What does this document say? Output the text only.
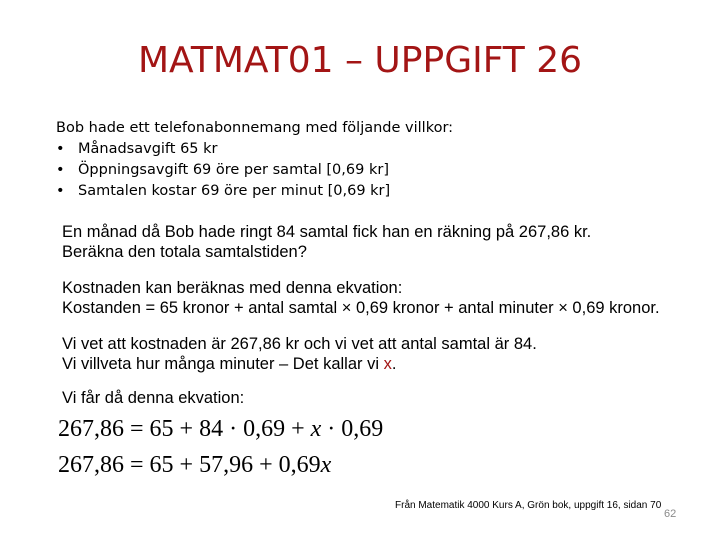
MATMAT01 – UPPGIFT 26
Bob hade ett telefonabonnemang med följande villkor:
• Månadsavgift 65 kr
• Öppningsavgift 69 öre per samtal [0,69 kr]
• Samtalen kostar 69 öre per minut [0,69 kr]
En månad då Bob hade ringt 84 samtal fick han en räkning på 267,86 kr.
Beräkna den totala samtalstiden?
Kostnaden kan beräknas med denna ekvation:
Kostanden = 65 kronor + antal samtal × 0,69 kronor + antal minuter × 0,69 kronor.
Vi vet att kostnaden är 267,86 kr och vi vet att antal samtal är 84.
Vi villveta hur många minuter – Det kallar vi x.
Vi får då denna ekvation:
267,86 = 65 + 84 · 0,69 + x · 0,69
267,86 = 65 + 57,96 + 0,69x
Från Matematik 4000 Kurs A, Grön bok, uppgift 16, sidan 70
62
